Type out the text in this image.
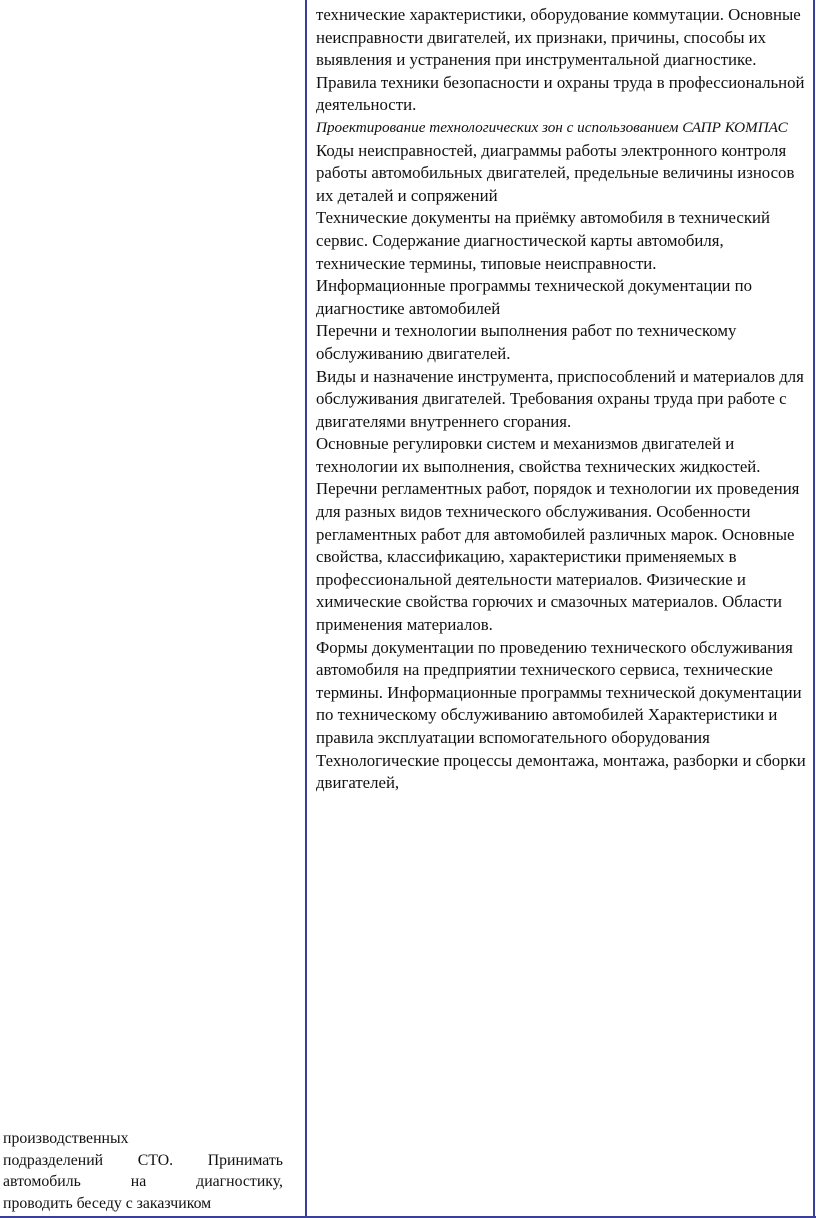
производственных

подразделений СТО. Принимать

автомобиль на диагностику,

проводить беседу с заказчиком

технические характеристики, оборудование коммутации. Основные неисправности двигателей, их признаки, причины, способы их выявления и устранения при инструментальной диагностике.

Правила техники безопасности и охраны труда в профессиональной деятельности.

Проектирование технологических зон с использованием САПР КОМПАС

Коды неисправностей, диаграммы работы электронного контроля работы автомобильных двигателей, предельные величины износов их деталей и сопряжений

Технические документы на приёмку автомобиля в технический сервис. Содержание диагностической карты автомобиля, технические термины, типовые неисправности.

Информационные программы технической документации по диагностике автомобилей

Перечни и технологии выполнения работ по техническому обслуживанию двигателей.

Виды и назначение инструмента, приспособлений и материалов для обслуживания двигателей. Требования охраны труда при работе с двигателями внутреннего сгорания.

Основные регулировки систем и механизмов двигателей и технологии их выполнения, свойства технических жидкостей.

Перечни регламентных работ, порядок и технологии их проведения для разных видов технического обслуживания. Особенности регламентных работ для автомобилей различных марок. Основные свойства, классификацию, характеристики применяемых в профессиональной деятельности материалов. Физические и химические свойства горючих и смазочных материалов. Области применения материалов.

Формы документации по проведению технического обслуживания автомобиля на предприятии технического сервиса, технические термины. Информационные программы технической документации по техническому обслуживанию автомобилей Характеристики и правила эксплуатации вспомогательного оборудования

Технологические процессы демонтажа, монтажа, разборки и сборки двигателей,
